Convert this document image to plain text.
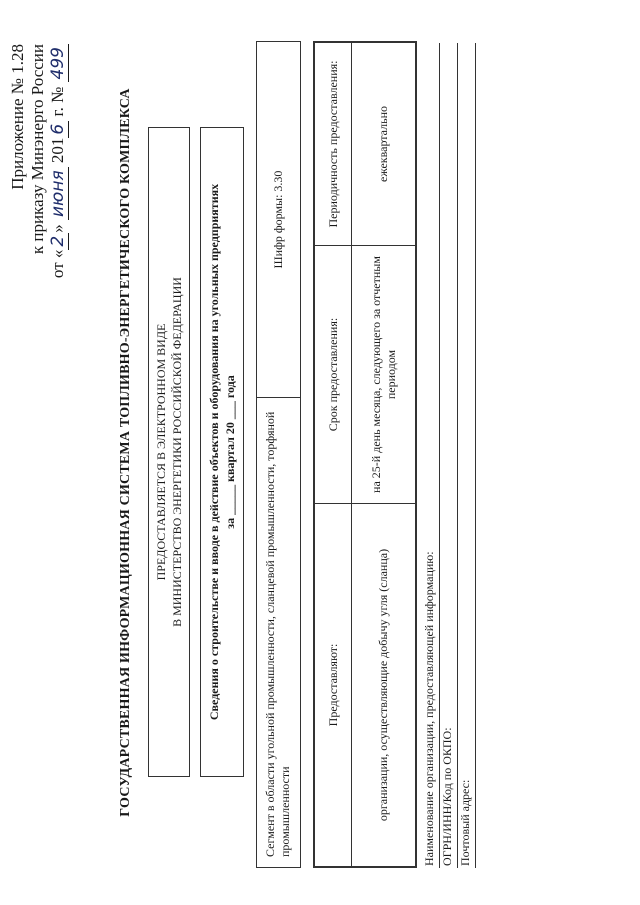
Приложение № 1.28 к приказу Минэнерго России
от «2» июня 2016 г. № 499
ГОСУДАРСТВЕННАЯ ИНФОРМАЦИОННАЯ СИСТЕМА ТОПЛИВНО-ЭНЕРГЕТИЧЕСКОГО КОМПЛЕКСА	ПРЕДОСТАВЛЯЕТСЯ В ЭЛЕКТРОННОМ ВИДЕ В МИНИСТЕРСТВО ЭНЕРГЕТИКИ РОССИЙСКОЙ ФЕДЕРАЦИИ	Сведения о строительстве и вводе в действие объектов и оборудования на угольных предприятиях за _____ квартал 20 ___ года	Сегмент в области угольной промышленности, сланцевой промышленности, торфяной промышленности
Шифр формы: 3.30
Предоставляют:	Срок предоставления:	Периодичность предоставления:
организации, осуществляющие добычу угля (сланца)	на 25-й день месяца, следующего за отчетным периодом	ежеквартально
Наименование организации, предоставляющей информацию: ОГРН/ИНН/Код по ОКПО: Почтовый адрес:
